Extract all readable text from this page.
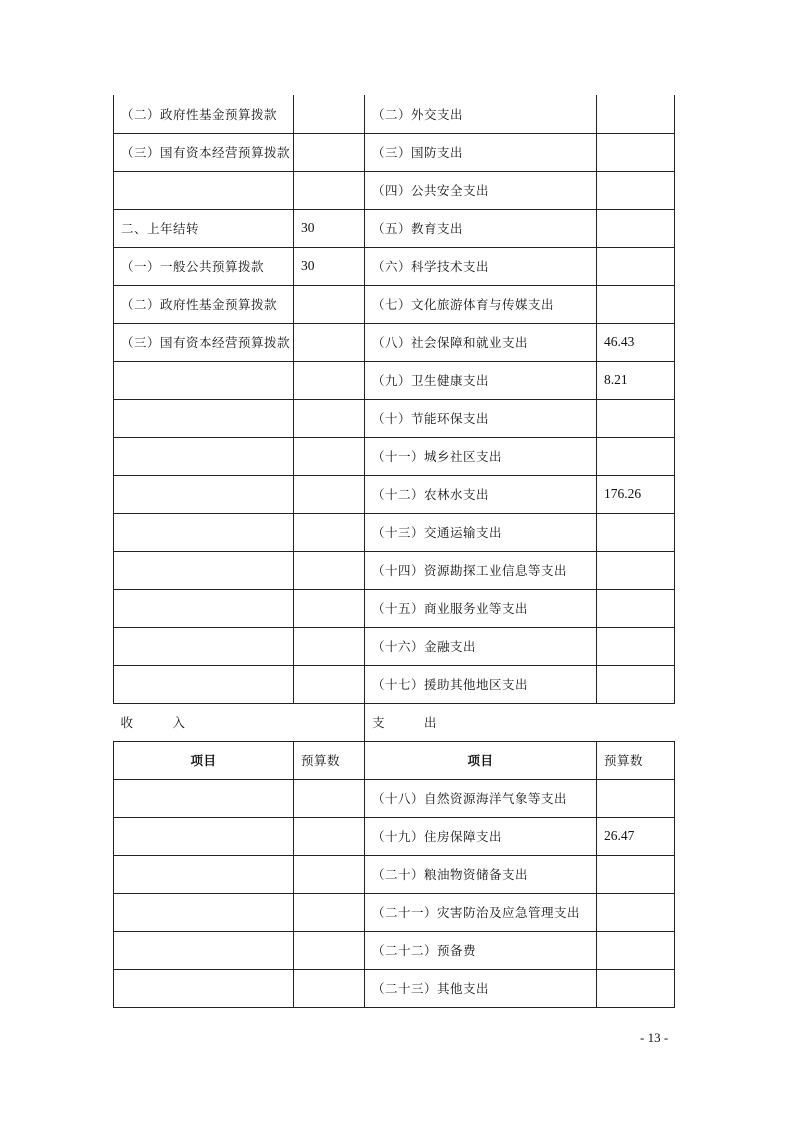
（二）政府性基金预算拨款		（二）外交支出	
（三）国有资本经营预算拨款		（三）国防支出	
		（四）公共安全支出	
二、上年结转	30	（五）教育支出	
（一）一般公共预算拨款	30	（六）科学技术支出	
（二）政府性基金预算拨款		（七）文化旅游体育与传媒支出	
（三）国有资本经营预算拨款		（八）社会保障和就业支出	46.43
		（九）卫生健康支出	8.21
		（十）节能环保支出	
		（十一）城乡社区支出	
		（十二）农林水支出	176.26
		（十三）交通运输支出	
		（十四）资源勘探工业信息等支出	
		（十五）商业服务业等支出	
		（十六）金融支出	
		（十七）援助其他地区支出	
收　　　入		支　　　出	
项目	预算数	项目	预算数
		（十八）自然资源海洋气象等支出	
		（十九）住房保障支出	26.47
		（二十）粮油物资储备支出	
		（二十一）灾害防治及应急管理支出	
		（二十二）预备费	
		（二十三）其他支出	
- 13 -
